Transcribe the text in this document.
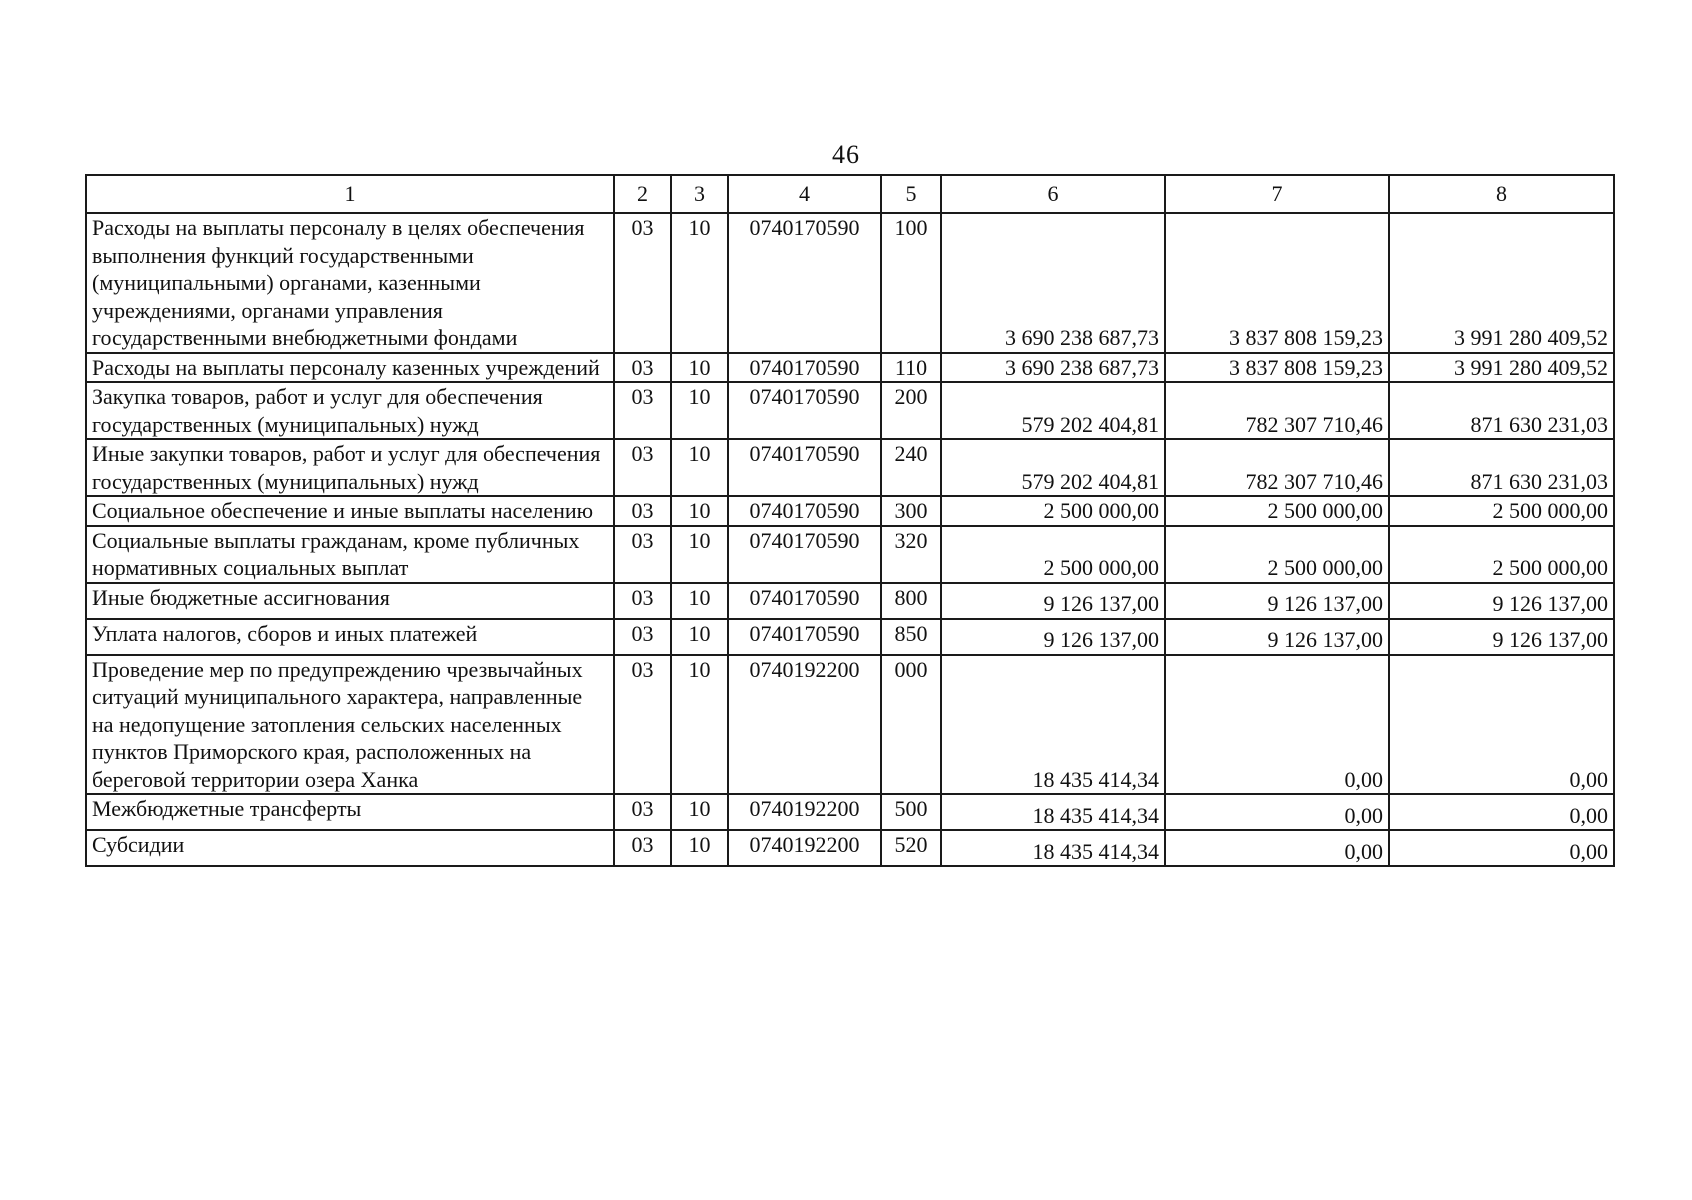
46
1	2	3	4	5	6	7	8
Расходы на выплаты персоналу в целях обеспечения выполнения функций государственными (муниципальными) органами, казенными учреждениями, органами управления государственными внебюджетными фондами	03	10	0740170590	100	3 690 238 687,73	3 837 808 159,23	3 991 280 409,52
Расходы на выплаты персоналу казенных учреждений	03	10	0740170590	110	3 690 238 687,73	3 837 808 159,23	3 991 280 409,52
Закупка товаров, работ и услуг для обеспечения государственных (муниципальных) нужд	03	10	0740170590	200	579 202 404,81	782 307 710,46	871 630 231,03
Иные закупки товаров, работ и услуг для обеспечения государственных (муниципальных) нужд	03	10	0740170590	240	579 202 404,81	782 307 710,46	871 630 231,03
Социальное обеспечение и иные выплаты населению	03	10	0740170590	300	2 500 000,00	2 500 000,00	2 500 000,00
Социальные выплаты гражданам, кроме публичных нормативных социальных выплат	03	10	0740170590	320	2 500 000,00	2 500 000,00	2 500 000,00
Иные бюджетные ассигнования	03	10	0740170590	800	9 126 137,00	9 126 137,00	9 126 137,00
Уплата налогов, сборов и иных платежей	03	10	0740170590	850	9 126 137,00	9 126 137,00	9 126 137,00
Проведение мер по предупреждению чрезвычайных ситуаций муниципального характера, направленные на недопущение затопления сельских населенных пунктов Приморского края, расположенных на береговой территории озера Ханка	03	10	0740192200	000	18 435 414,34	0,00	0,00
Межбюджетные трансферты	03	10	0740192200	500	18 435 414,34	0,00	0,00
Субсидии	03	10	0740192200	520	18 435 414,34	0,00	0,00
